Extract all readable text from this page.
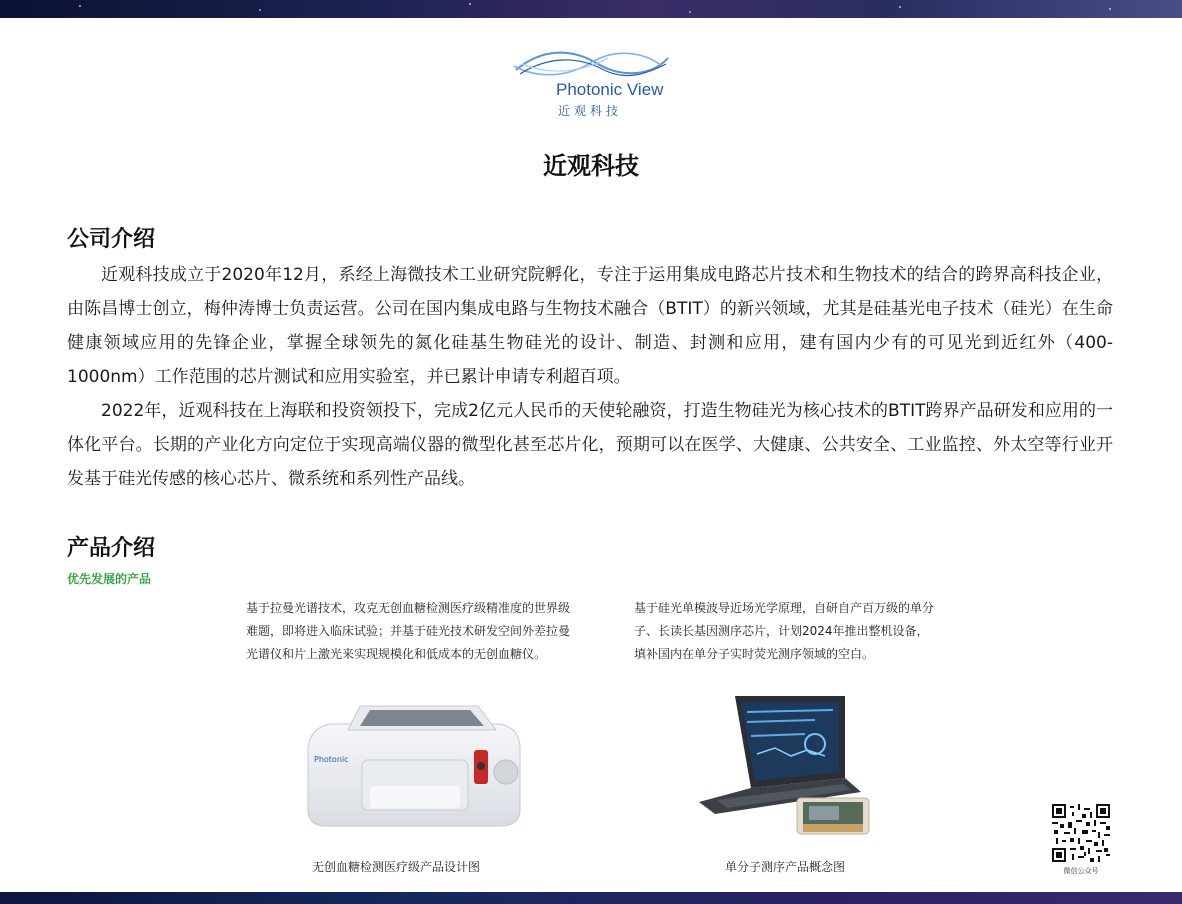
Photonic View
近观科技
近观科技
公司介绍

近观科技成立于2020年12月，系经上海微技术工业研究院孵化，专注于运用集成电路芯片技术和生物技术的结合的跨界高科技企业，由陈昌博士创立，梅仲涛博士负责运营。公司在国内集成电路与生物技术融合（BTIT）的新兴领域，尤其是硅基光电子技术（硅光）在生命健康领域应用的先锋企业，掌握全球领先的氮化硅基生物硅光的设计、制造、封测和应用，建有国内少有的可见光到近红外（400-1000nm）工作范围的芯片测试和应用实验室，并已累计申请专利超百项。

2022年，近观科技在上海联和投资领投下，完成2亿元人民币的天使轮融资，打造生物硅光为核心技术的BTIT跨界产品研发和应用的一体化平台。长期的产业化方向定位于实现高端仪器的微型化甚至芯片化，预期可以在医学、大健康、公共安全、工业监控、外太空等行业开发基于硅光传感的核心芯片、微系统和系列性产品线。

产品介绍
优先发展的产品
基于拉曼光谱技术，攻克无创血糖检测医疗级精准度的世界级难题，即将进入临床试验；并基于硅光技术研发空间外差拉曼光谱仪和片上激光来实现规模化和低成本的无创血糖仪。
Photonic
无创血糖检测医疗级产品设计图
基于硅光单模波导近场光学原理，自研自产百万级的单分子、长读长基因测序芯片，计划2024年推出整机设备，填补国内在单分子实时荧光测序领域的空白。
单分子测序产品概念图	微信公众号
